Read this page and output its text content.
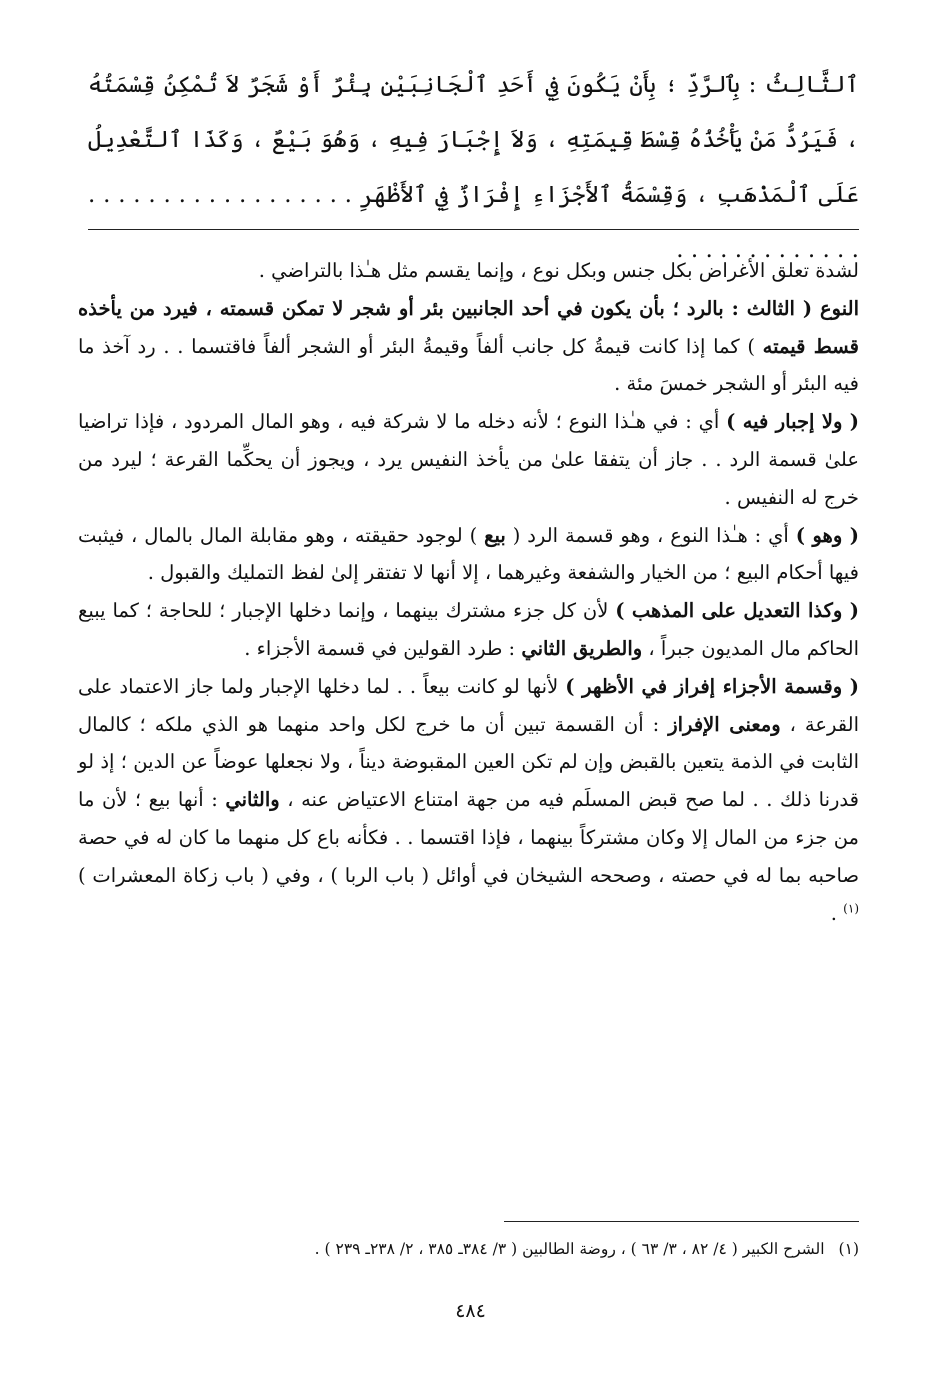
ٱلثَّالِثُ : بِٱلرَّدِّ ؛ بِأَنْ يَكُونَ فِي أَحَدِ ٱلْجَانِبَيْنِ بِئْرٌ أَوْ شَجَرٌ لاَ تُمْكِنُ قِسْمَتُهُ ، فَيَرُدُّ مَنْ يَأْخُذُهُ قِسْطَ قِيمَتِهِ ، وَلاَ إِجْبَارَ فِيهِ ، وَهُوَ بَيْعٌ ، وَكَذَا ٱلتَّعْدِيلُ عَلَى ٱلْمَذْهَبِ ، وَقِسْمَةُ ٱلأَجْزَاءِ إِفْرَازٌ فِي ٱلأَظْهَرِ . . . . . . . . . . . . . . . . . . . . . . . . . . . . . . .

لشدة تعلق الأغراض بكل جنس وبكل نوع ، وإنما يقسم مثل هـٰذا بالتراضي .

النوع ( الثالث : بالرد ؛ بأن يكون في أحد الجانبين بئر أو شجر لا تمكن قسمته ، فيرد من يأخذه قسط قيمته ) كما إذا كانت قيمةُ كل جانب ألفاً وقيمةُ البئر أو الشجر ألفاً فاقتسما . . رد آخذ ما فيه البئر أو الشجر خمسَ مئة .

( ولا إجبار فيه ) أي : في هـٰذا النوع ؛ لأنه دخله ما لا شركة فيه ، وهو المال المردود ، فإذا تراضيا علىٰ قسمة الرد . . جاز أن يتفقا علىٰ من يأخذ النفيس يرد ، ويجوز أن يحكِّما القرعة ؛ ليرد من خرج له النفيس .

( وهو ) أي : هـٰذا النوع ، وهو قسمة الرد ( بيع ) لوجود حقيقته ، وهو مقابلة المال بالمال ، فيثبت فيها أحكام البيع ؛ من الخيار والشفعة وغيرهما ، إلا أنها لا تفتقر إلىٰ لفظ التمليك والقبول .

( وكذا التعديل على المذهب ) لأن كل جزء مشترك بينهما ، وإنما دخلها الإجبار ؛ للحاجة ؛ كما يبيع الحاكم مال المديون جبراً ، والطريق الثاني : طرد القولين في قسمة الأجزاء .

( وقسمة الأجزاء إفراز في الأظهر ) لأنها لو كانت بيعاً . . لما دخلها الإجبار ولما جاز الاعتماد على القرعة ، ومعنى الإفراز : أن القسمة تبين أن ما خرج لكل واحد منهما هو الذي ملكه ؛ كالمال الثابت في الذمة يتعين بالقبض وإن لم تكن العين المقبوضة ديناً ، ولا نجعلها عوضاً عن الدين ؛ إذ لو قدرنا ذلك . . لما صح قبض المسلَم فيه من جهة امتناع الاعتياض عنه ، والثاني : أنها بيع ؛ لأن ما من جزء من المال إلا وكان مشتركاً بينهما ، فإذا اقتسما . . فكأنه باع كل منهما ما كان له في حصة صاحبه بما له في حصته ، وصححه الشيخان في أوائل ( باب الربا ) ، وفي ( باب زكاة المعشرات )$^{(١)}$ .

(١)الشرح الكبير ( ٤/ ٨٢ ، ٣/ ٦٣ ) ، روضة الطالبين ( ٣/ ٣٨٤ـ ٣٨٥ ، ٢/ ٢٣٨ـ ٢٣٩ ) .
٤٨٤
